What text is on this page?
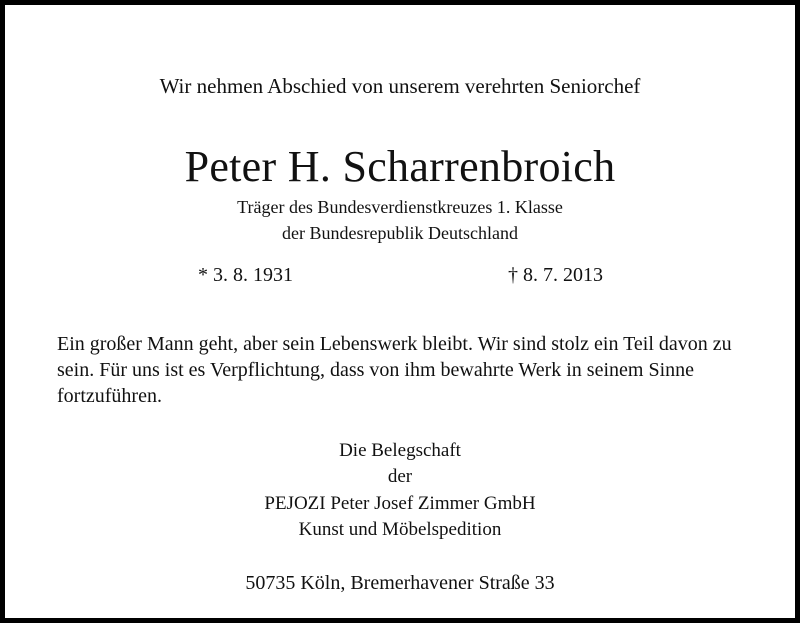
Wir nehmen Abschied von unserem verehrten Seniorchef
Peter H. Scharrenbroich
Träger des Bundesverdienstkreuzes 1. Klasse
der Bundesrepublik Deutschland
* 3. 8. 1931	† 8. 7. 2013
Ein großer Mann geht, aber sein Lebenswerk bleibt. Wir sind stolz ein Teil davon zu sein. Für uns ist es Verpflichtung, dass von ihm bewahrte Werk in seinem Sinne fortzuführen.
Die Belegschaft
der
PEJOZI Peter Josef Zimmer GmbH
Kunst und Möbelspedition
50735 Köln, Bremerhavener Straße 33
